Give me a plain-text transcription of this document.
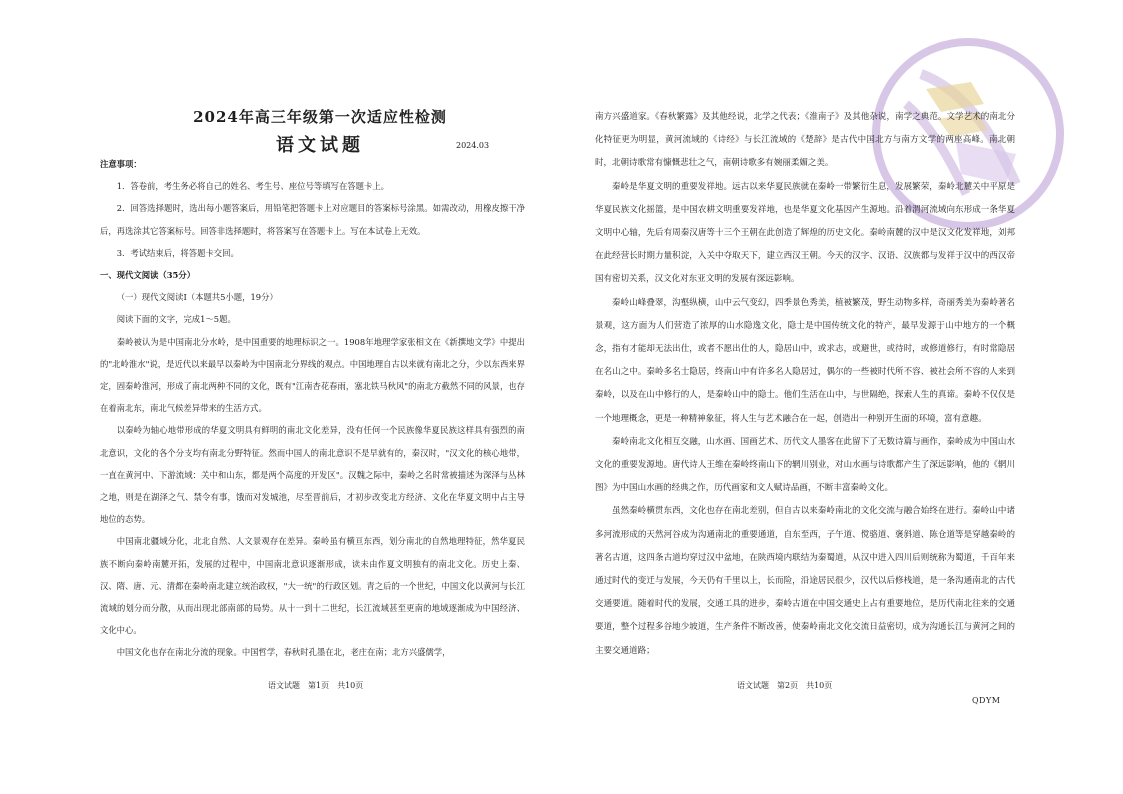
2024年高三年级第一次适应性检测
语文试题	2024.03

注意事项：

1．答卷前，考生务必将自己的姓名、考生号、座位号等填写在答题卡上。

2．回答选择题时，选出每小题答案后，用铅笔把答题卡上对应题目的答案标号涂黑。如需改动，用橡皮擦干净后，再选涂其它答案标号。回答非选择题时，将答案写在答题卡上。写在本试卷上无效。

3．考试结束后，将答题卡交回。

一、现代文阅读（35分）

（一）现代文阅读Ⅰ（本题共5小题，19分）

阅读下面的文字，完成1～5题。

秦岭被认为是中国南北分水岭，是中国重要的地理标识之一。1908年地理学家张相文在《新撰地文学》中提出的"北岭淮水"说，是近代以来最早以秦岭为中国南北分界线的观点。中国地理自古以来就有南北之分，少以东西来界定，固秦岭淮河，形成了南北两种不同的文化，既有"江南杏花春雨，塞北铁马秋风"的南北方截然不同的风景，也存在着南北东，南北气候差异带来的生活方式。

以秦岭为轴心地带形成的华夏文明具有鲜明的南北文化差异，没有任何一个民族像华夏民族这样具有强烈的南北意识，文化的各个分支均有南北分野特征。然而中国人的南北意识不是早就有的，秦汉时，"汉文化的核心地带，一直在黄河中、下游流域：关中和山东，都是两个高度的开发区"。汉魏之际中，秦岭之名时常被描述为深泽与丛林之地，则是在湖泽之气、禁令有事，饿而对发城池，尽至晋前后，才初步改变北方经济、文化在华夏文明中占主导地位的态势。

中国南北疆域分化，北北自然、人文景观存在差异。秦岭虽有横亘东西，划分南北的自然地理特征，然华夏民族不断向秦岭南麓开拓，发展的过程中，中国南北意识逐渐形成，读未由作夏文明独有的南北文化。历史上秦、汉、隋、唐、元、清都在秦岭南北建立统治政权，"大一统"的行政区划。青之后的一个世纪，中国文化以黄河与长江流域的划分而分散，从而出现北部南部的局势。从十一到十二世纪，长江流域甚至更南的地域逐渐成为中国经济、文化中心。

中国文化也存在南北分流的现象。中国哲学，春秋时孔墨在北，老庄在南；北方兴盛儒学，

语文试题　第1页　共10页

南方兴盛道家。《春秋繁露》及其他经说，北学之代表；《淮南子》及其他杂说，南学之典范。文学艺术的南北分化特征更为明显，黄河流域的《诗经》与长江流域的《楚辞》是古代中国北方与南方文学的两座高峰。南北朝时，北朝诗歌常有慷慨悲壮之气，南朝诗歌多有婉丽柔媚之美。

秦岭是华夏文明的重要发祥地。远古以来华夏民族就在秦岭一带繁衍生息，发展繁荣，秦岭北麓关中平原是华夏民族文化摇篮，是中国农耕文明重要发祥地，也是华夏文化基因产生源地。沿着渭河流域向东形成一条华夏文明中心轴，先后有周秦汉唐等十三个王朝在此创造了辉煌的历史文化。秦岭南麓的汉中是汉文化发祥地，刘邦在此经营长时期力量积淀，入关中夺取天下，建立西汉王朝。今天的汉字、汉语、汉族都与发祥于汉中的西汉帝国有密切关系，汉文化对东亚文明的发展有深远影响。

秦岭山峰叠翠，沟壑纵横，山中云气变幻，四季景色秀美，植被繁茂，野生动物多样，奇丽秀美为秦岭著名景观，这方面为人们营造了浓厚的山水隐逸文化，隐士是中国传统文化的特产，最早发源于山中地方的一个概念，指有才能却无法出仕，或者不愿出仕的人，隐居山中，或求志，或避世，或待时，或修道修行，有时常隐居在名山之中。秦岭多名士隐居，终南山中有许多名人隐居过，偶尔的一些被时代所不容、被社会所不容的人来到秦岭，以及在山中修行的人，是秦岭山中的隐士。他们生活在山中，与世隔绝，探索人生的真谛。秦岭不仅仅是一个地理概念，更是一种精神象征，将人生与艺术融合在一起，创造出一种别开生面的环境，富有意趣。

秦岭南北文化相互交融，山水画、国画艺术、历代文人墨客在此留下了无数诗篇与画作，秦岭成为中国山水文化的重要发源地。唐代诗人王维在秦岭终南山下的辋川别业，对山水画与诗歌都产生了深远影响，他的《辋川图》为中国山水画的经典之作，历代画家和文人赋诗品画，不断丰富秦岭文化。

虽然秦岭横贯东西，文化也存在南北差别，但自古以来秦岭南北的文化交流与融合始终在进行。秦岭山中诸多河流形成的天然河谷成为沟通南北的重要通道，自东至西，子午道、傥骆道、褒斜道、陈仓道等是穿越秦岭的著名古道，这四条古道均穿过汉中盆地，在陕西境内联结为秦蜀道，从汉中进入四川后则统称为蜀道，千百年来通过时代的变迁与发展，今天仍有千里以上，长而险，沿途居民很少，汉代以后修栈道，是一条沟通南北的古代交通要道。随着时代的发展，交通工具的进步，秦岭古道在中国交通史上占有重要地位，是历代南北往来的交通要道，整个过程多谷地少坡道，生产条件不断改善，使秦岭南北文化交流日益密切，成为沟通长江与黄河之间的主要交通道路；

语文试题　第2页　共10页
QDYM
